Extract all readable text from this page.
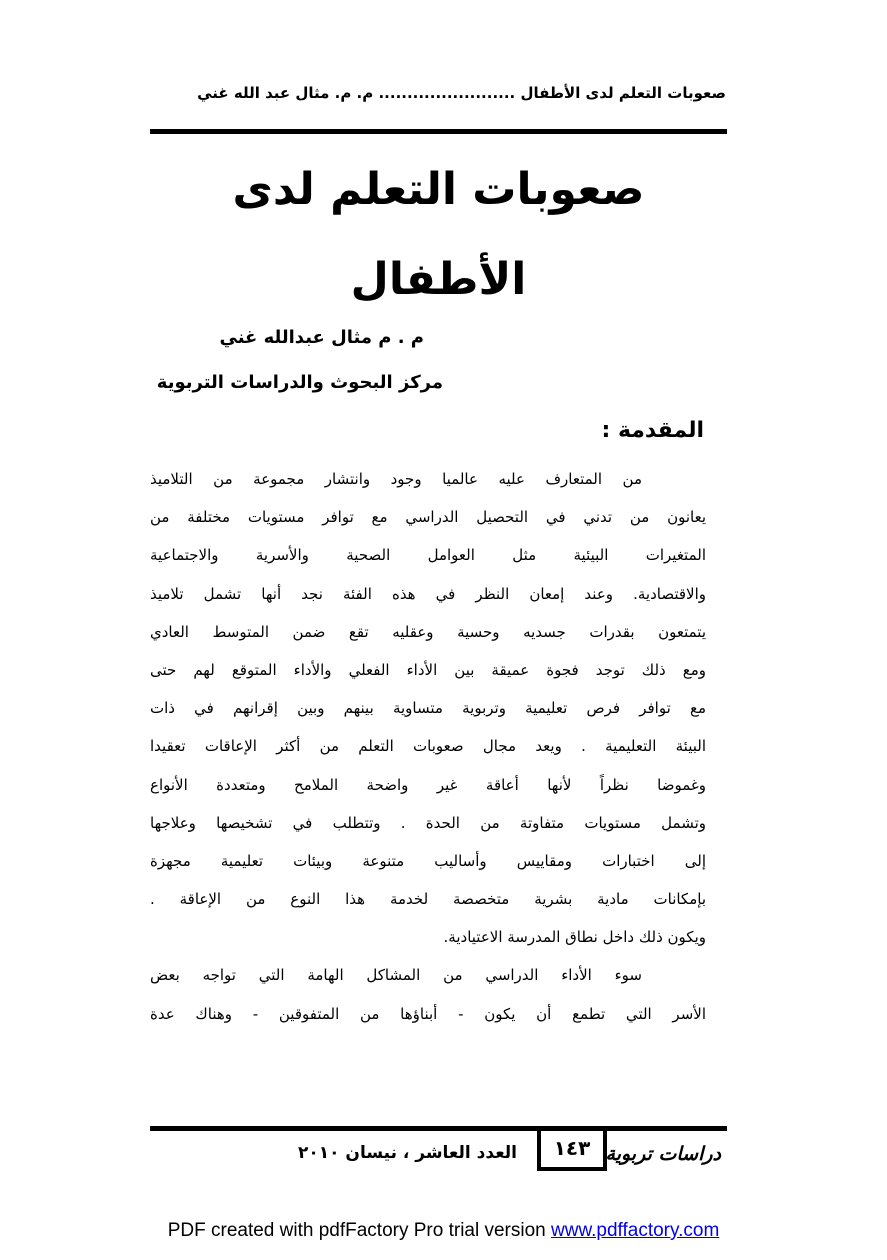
صعوبات التعلم لدى الأطفال ........................ م. م. مثال عبد الله غني
صعوبات التعلم لدى
الأطفال
م . م مثال عبدالله غني
مركز البحوث والدراسات التربوية
المقدمة :
من المتعارف عليه عالميا وجود وانتشار مجموعة من التلاميذ
يعانون من تدني في التحصيل الدراسي مع توافر مستويات مختلفة من
المتغيرات البيئية مثل العوامل الصحية والأسرية والاجتماعية
والاقتصادية. وعند إمعان النظر في هذه الفئة نجد أنها تشمل تلاميذ
يتمتعون بقدرات جسديه وحسية وعقليه تقع ضمن المتوسط العادي
ومع ذلك توجد فجوة عميقة بين الأداء الفعلي والأداء المتوقع لهم حتى
مع توافر فرص تعليمية وتربوية متساوية بينهم وبين إقرانهم في ذات
البيئة التعليمية . ويعد مجال صعوبات التعلم من أكثر الإعاقات تعقيدا
وغموضا نظراً لأنها أعاقة غير واضحة الملامح ومتعددة الأنواع
وتشمل مستويات متفاوتة من الحدة . وتتطلب في تشخيصها وعلاجها
إلى اختبارات ومقاييس وأساليب متنوعة وبيئات تعليمية مجهزة
بإمكانات مادية بشرية متخصصة لخدمة هذا النوع من الإعاقة .
ويكون ذلك داخل نطاق المدرسة الاعتيادية.
سوء الأداء الدراسي من المشاكل الهامة التي تواجه بعض
الأسر التي تطمع أن يكون - أبناؤها من المتفوقين - وهناك عدة
دراسات تربوية
١٤٣
العدد العاشر ، نيسان ٢٠١٠
PDF created with pdfFactory Pro trial version www.pdffactory.com
